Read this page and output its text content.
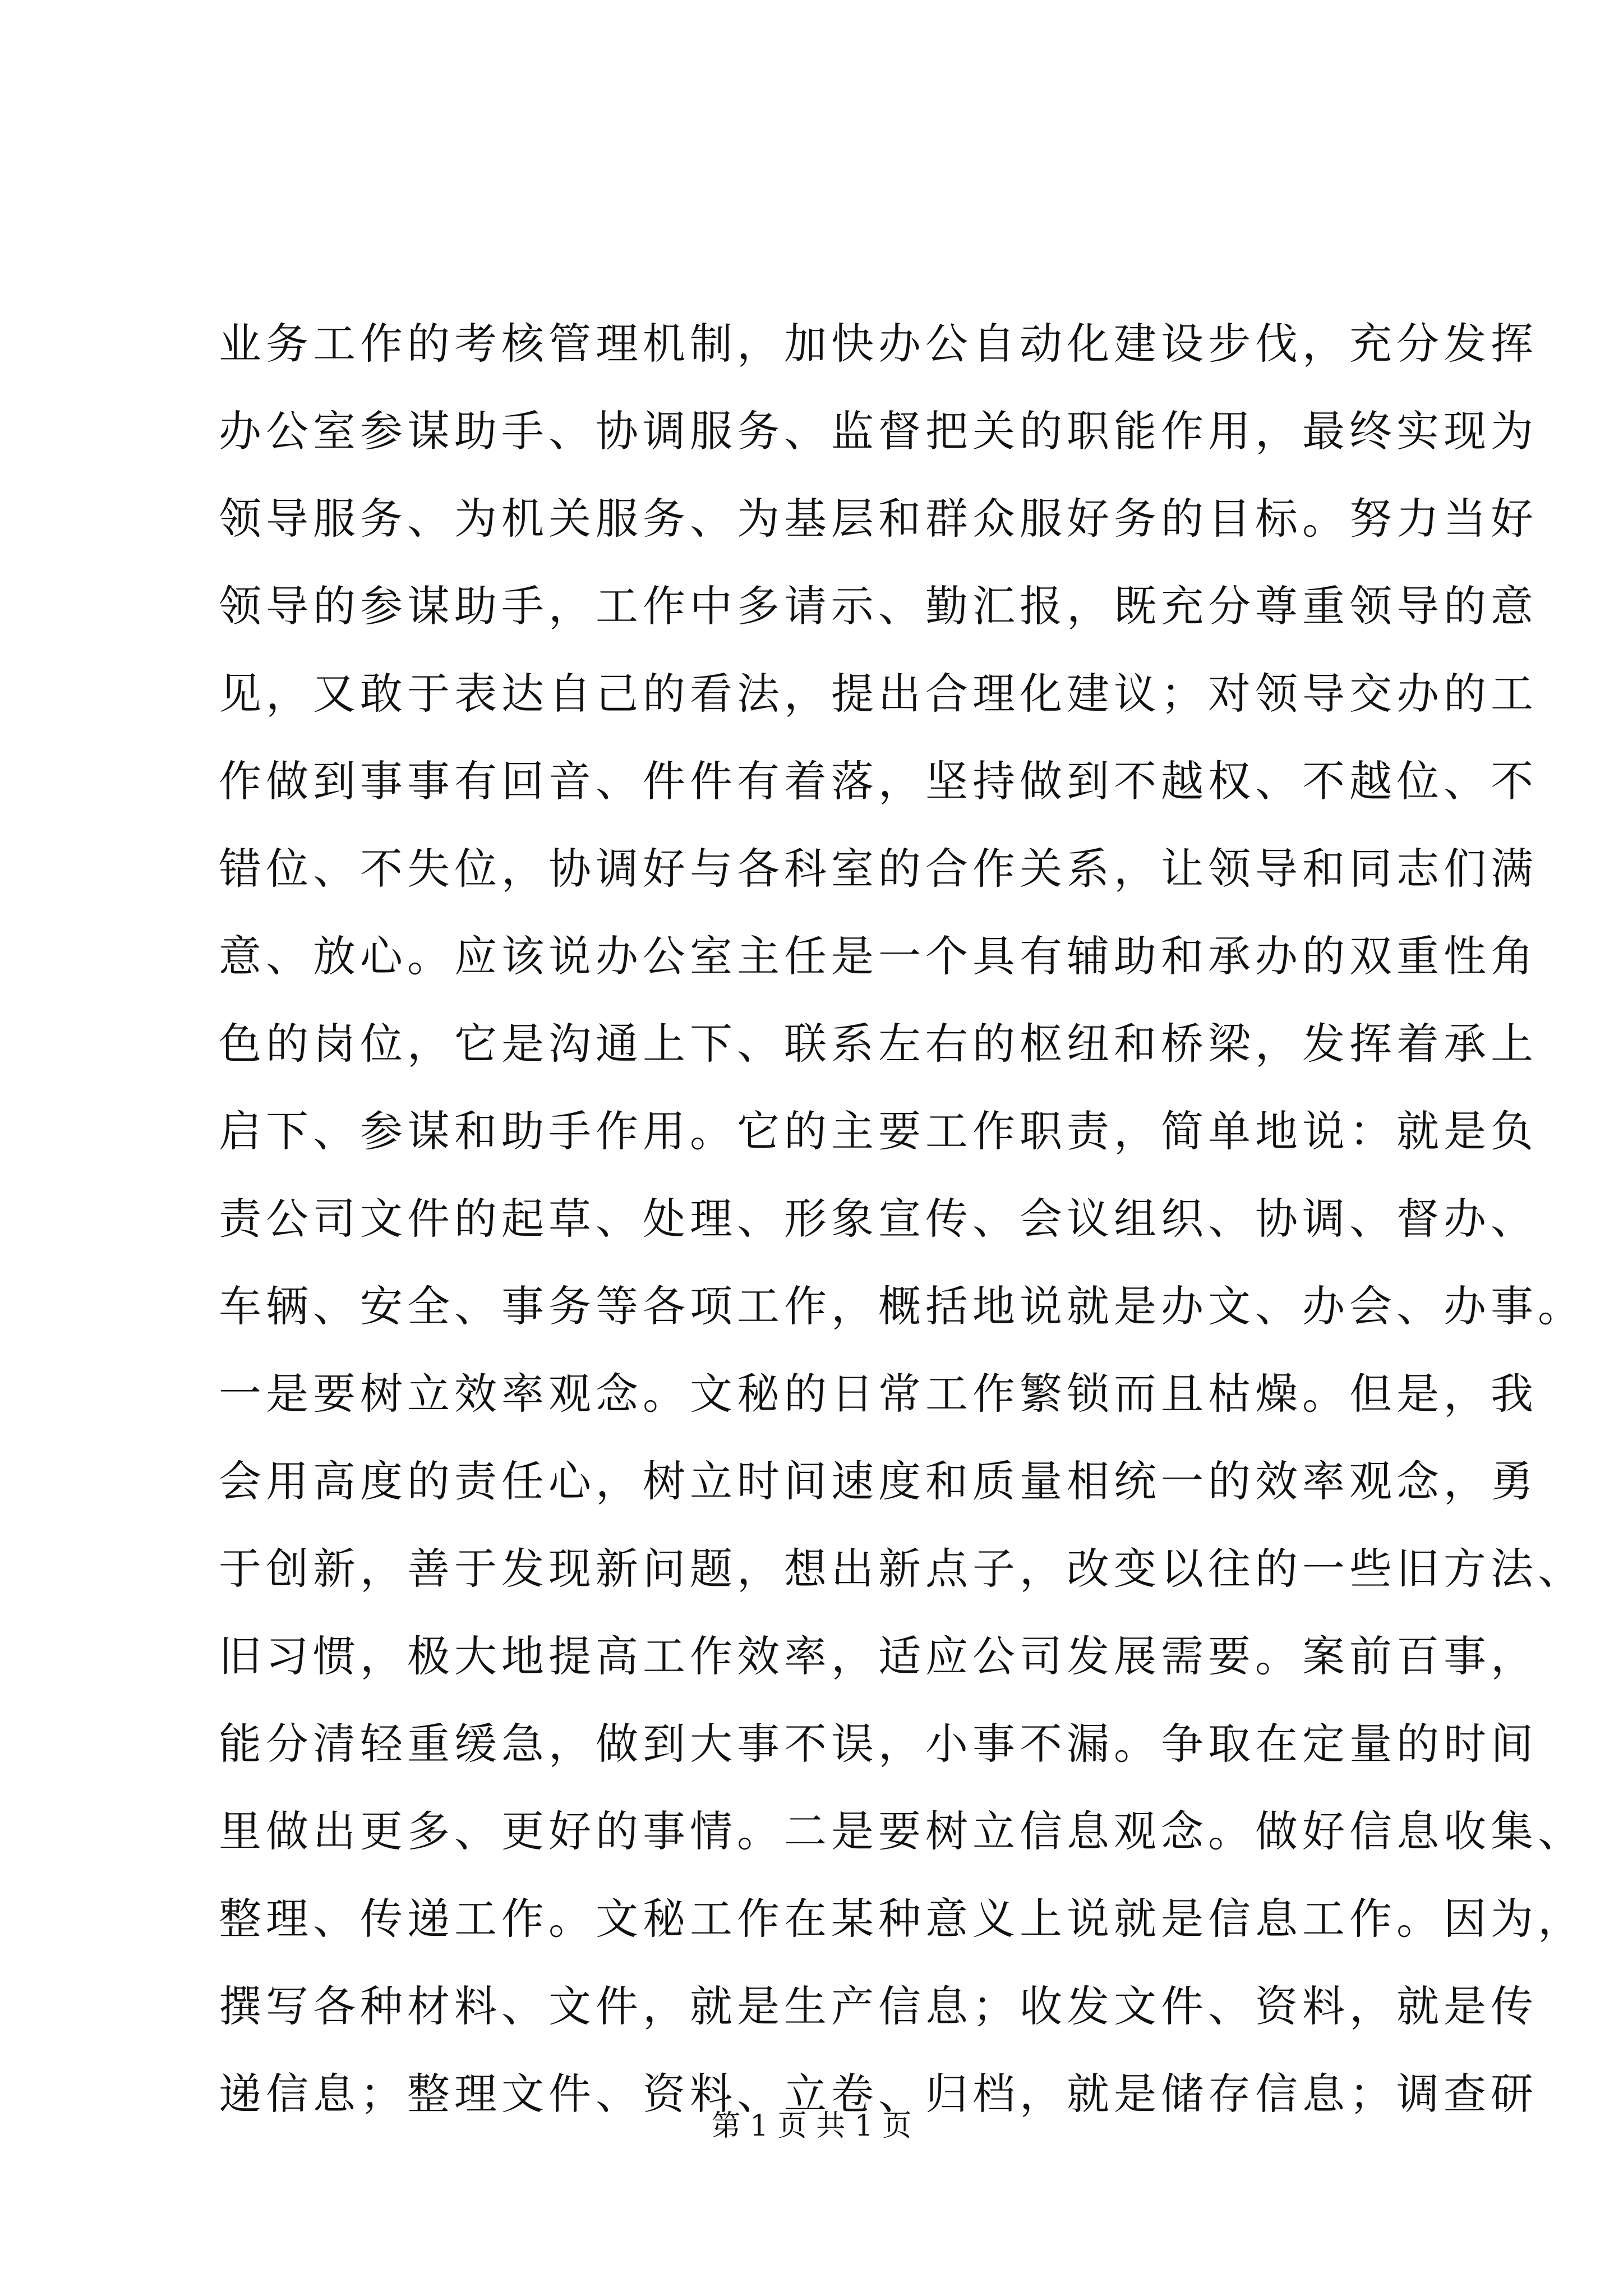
业务工作的考核管理机制，加快办公自动化建设步伐，充分发挥
办公室参谋助手、协调服务、监督把关的职能作用，最终实现为
领导服务、为机关服务、为基层和群众服好务的目标。努力当好
领导的参谋助手，工作中多请示、勤汇报，既充分尊重领导的意
见，又敢于表达自己的看法，提出合理化建议；对领导交办的工
作做到事事有回音、件件有着落，坚持做到不越权、不越位、不
错位、不失位，协调好与各科室的合作关系，让领导和同志们满
意、放心。应该说办公室主任是一个具有辅助和承办的双重性角
色的岗位，它是沟通上下、联系左右的枢纽和桥梁，发挥着承上
启下、参谋和助手作用。它的主要工作职责，简单地说：就是负
责公司文件的起草、处理、形象宣传、会议组织、协调、督办、
车辆、安全、事务等各项工作，概括地说就是办文、办会、办事。
一是要树立效率观念。文秘的日常工作繁锁而且枯燥。但是，我
会用高度的责任心，树立时间速度和质量相统一的效率观念，勇
于创新，善于发现新问题，想出新点子，改变以往的一些旧方法、
旧习惯，极大地提高工作效率，适应公司发展需要。案前百事，
能分清轻重缓急，做到大事不误，小事不漏。争取在定量的时间
里做出更多、更好的事情。二是要树立信息观念。做好信息收集、
整理、传递工作。文秘工作在某种意义上说就是信息工作。因为，
撰写各种材料、文件，就是生产信息；收发文件、资料，就是传
递信息；整理文件、资料、立卷、归档，就是储存信息；调查研
第 1 页 共 1 页
